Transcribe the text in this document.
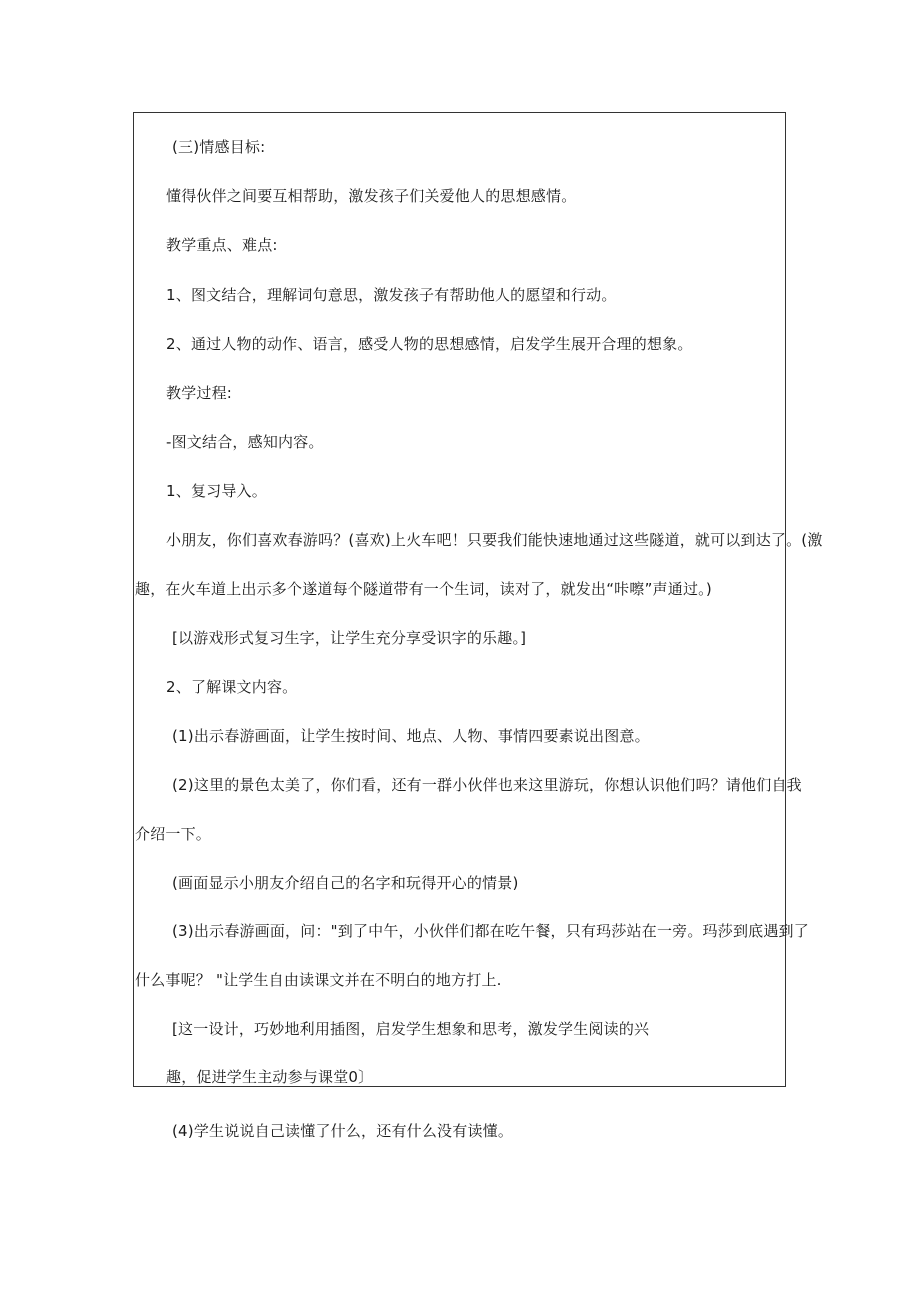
(三)情感目标:
懂得伙伴之间要互相帮助，激发孩子们关爱他人的思想感情。
教学重点、难点:
1、图文结合，理解词句意思，激发孩子有帮助他人的愿望和行动。
2、通过人物的动作、语言，感受人物的思想感情，启发学生展开合理的想象。
教学过程:
-图文结合，感知内容。
1、复习导入。
小朋友，你们喜欢春游吗？(喜欢)上火车吧！只要我们能快速地通过这些隧道，就可以到达了。(激
趣，在火车道上出示多个遂道每个隧道带有一个生词，读对了，就发出“咔嚓”声通过。)
[以游戏形式复习生字，让学生充分享受识字的乐趣。]
2、了解课文内容。
(1)出示春游画面，让学生按时间、地点、人物、事情四要素说出图意。
(2)这里的景色太美了，你们看，还有一群小伙伴也来这里游玩，你想认识他们吗？请他们自我
介绍一下。
(画面显示小朋友介绍自己的名字和玩得开心的情景)
(3)出示春游画面，问："到了中午，小伙伴们都在吃午餐，只有玛莎站在一旁。玛莎到底遇到了
什么事呢？ "让学生自由读课文并在不明白的地方打上.
[这一设计，巧妙地利用插图，启发学生想象和思考，激发学生阅读的兴
趣，促进学生主动参与课堂0〕
(4)学生说说自己读懂了什么，还有什么没有读懂。
